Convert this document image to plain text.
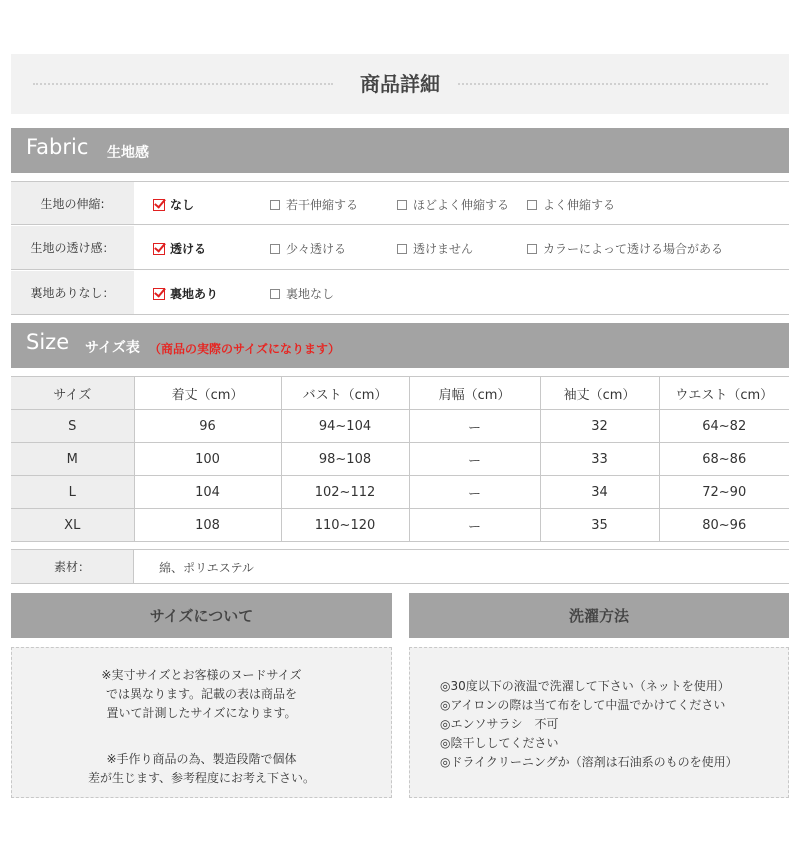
商品詳細
Fabric 生地感
生地の伸縮:	なし	若干伸縮する	ほどよく伸縮する	よく伸縮する
生地の透け感：	透ける	少々透ける	透けません	カラーによって透ける場合がある
裏地ありなし：	裏地あり	裏地なし
Size サイズ表 （商品の実際のサイズになります）
サイズ	着丈（cm）	バスト（cm）	肩幅（cm）	袖丈（cm）	ウエスト（cm）
S	96	94~104	ー	32	64~82
M	100	98~108	ー	33	68~86
L	104	102~112	ー	34	72~90
XL	108	110~120	ー	35	80~96
素材：	綿、ポリエステル
サイズについて
※実寸サイズとお客様のヌードサイズ
では異なります。記載の表は商品を
置いて計測したサイズになります。
※手作り商品の為、製造段階で個体
差が生じます、参考程度にお考え下さい。
洗濯方法
◎30度以下の液温で洗濯して下さい（ネットを使用）
◎アイロンの際は当て布をして中温でかけてください
◎エンソサラシ　不可
◎陰干ししてください
◎ドライクリーニングか（溶剤は石油系のものを使用）
